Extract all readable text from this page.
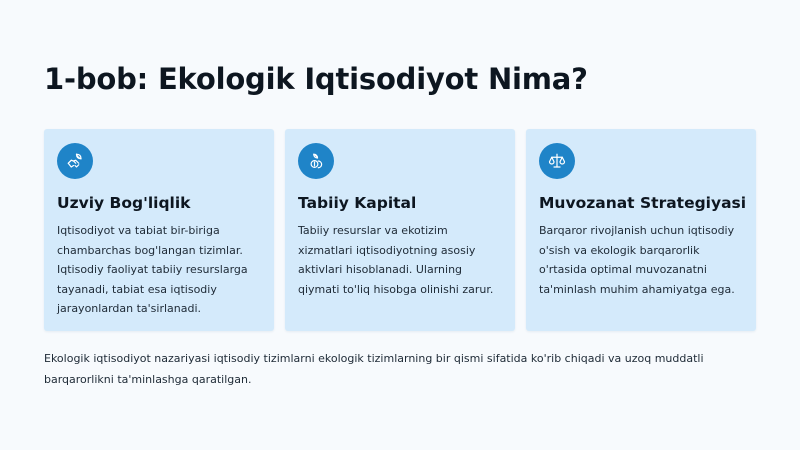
1-bob: Ekologik Iqtisodiyot Nima?
Uzviy Bog'liqlik

Iqtisodiyot va tabiat bir-biriga chambarchas bog'langan tizimlar. Iqtisodiy faoliyat tabiiy resurslarga tayanadi, tabiat esa iqtisodiy jarayonlardan ta'sirlanadi.

Tabiiy Kapital

Tabiiy resurslar va ekotizim xizmatlari iqtisodiyotning asosiy aktivlari hisoblanadi. Ularning qiymati to'liq hisobga olinishi zarur.

Muvozanat Strategiyasi

Barqaror rivojlanish uchun iqtisodiy o'sish va ekologik barqarorlik o'rtasida optimal muvozanatni ta'minlash muhim ahamiyatga ega.

Ekologik iqtisodiyot nazariyasi iqtisodiy tizimlarni ekologik tizimlarning bir qismi sifatida ko'rib chiqadi va uzoq muddatli barqarorlikni ta'minlashga qaratilgan.
